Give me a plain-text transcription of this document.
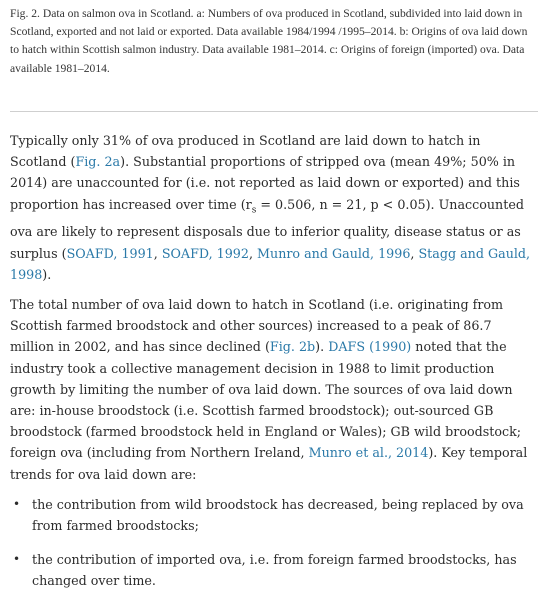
Fig. 2. Data on salmon ova in Scotland. a: Numbers of ova produced in Scotland, subdivided into laid down in Scotland, exported and not laid or exported. Data available 1984/1994 /1995–2014. b: Origins of ova laid down to hatch within Scottish salmon industry. Data available 1981–2014. c: Origins of foreign (imported) ova. Data available 1981–2014.

Typically only 31% of ova produced in Scotland are laid down to hatch in Scotland (Fig. 2a). Substantial proportions of stripped ova (mean 49%; 50% in 2014) are unaccounted for (i.e. not reported as laid down or exported) and this proportion has increased over time ($r_s = 0.506$, n = 21, p < 0.05). Unaccounted ova are likely to represent disposals due to inferior quality, disease status or as surplus (SOAFD, 1991, SOAFD, 1992, Munro and Gauld, 1996, Stagg and Gauld, 1998).

The total number of ova laid down to hatch in Scotland (i.e. originating from Scottish farmed broodstock and other sources) increased to a peak of 86.7 million in 2002, and has since declined (Fig. 2b). DAFS (1990) noted that the industry took a collective management decision in 1988 to limit production growth by limiting the number of ova laid down. The sources of ova laid down are: in-house broodstock (i.e. Scottish farmed broodstock); out-sourced GB broodstock (farmed broodstock held in England or Wales); GB wild broodstock; foreign ova (including from Northern Ireland, Munro et al., 2014). Key temporal trends for ova laid down are:

• the contribution from wild broodstock has decreased, being replaced by ova from farmed broodstocks;
• the contribution of imported ova, i.e. from foreign farmed broodstocks, has changed over time.
